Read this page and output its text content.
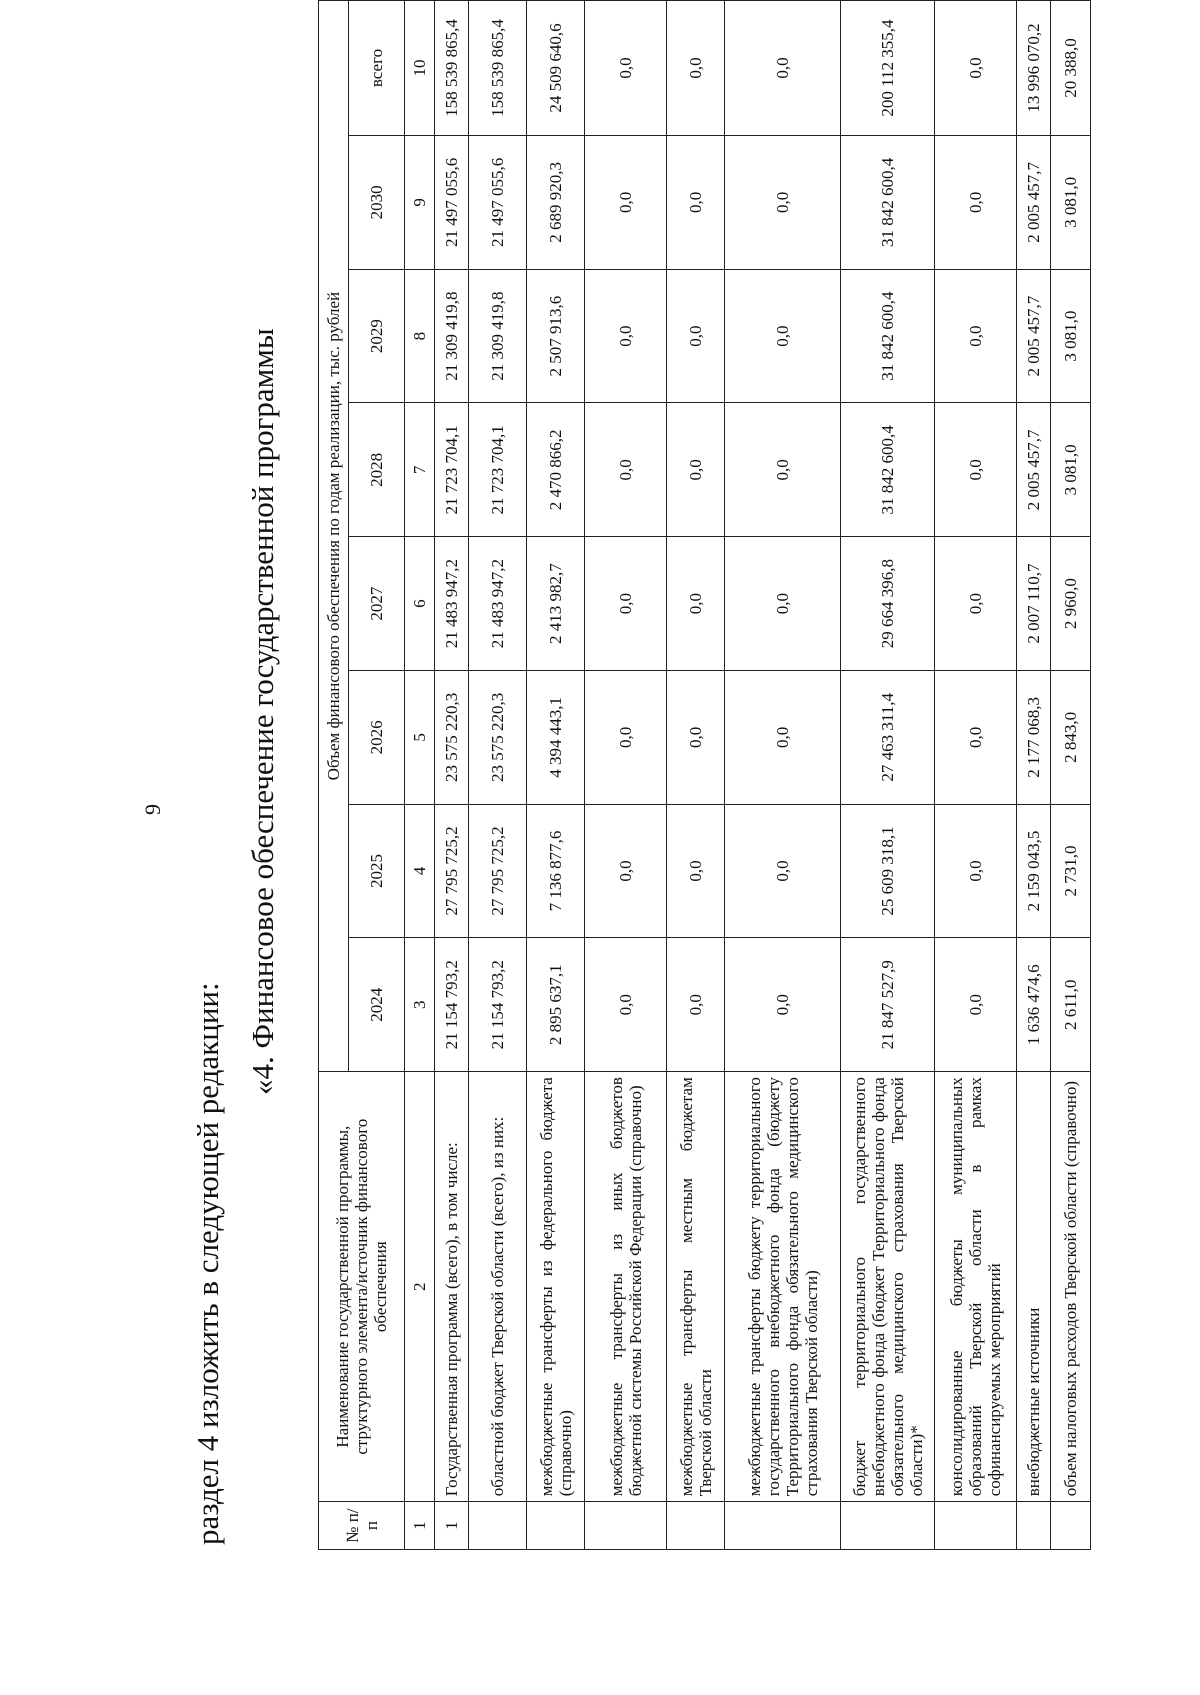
9
раздел 4 изложить в следующей редакции:
«4. Финансовое обеспечение государственной программы
№ п/п	Наименование государственной программы, структурного элемента/источник финансового обеспечения	Объем финансового обеспечения по годам реализации, тыс. рублей							
		2024	2025	2026	2027	2028	2029	2030	всего
1	2	3	4	5	6	7	8	9	10
1	Государственная программа (всего), в том числе:	21 154 793,2	27 795 725,2	23 575 220,3	21 483 947,2	21 723 704,1	21 309 419,8	21 497 055,6	158 539 865,4
	областной бюджет Тверской области (всего), из них:	21 154 793,2	27 795 725,2	23 575 220,3	21 483 947,2	21 723 704,1	21 309 419,8	21 497 055,6	158 539 865,4
	межбюджетные трансферты из федерального бюджета (справочно)	2 895 637,1	7 136 877,6	4 394 443,1	2 413 982,7	2 470 866,2	2 507 913,6	2 689 920,3	24 509 640,6
	межбюджетные трансферты из иных бюджетов бюджетной системы Российской Федерации (справочно)	0,0	0,0	0,0	0,0	0,0	0,0	0,0	0,0
	межбюджетные трансферты местным бюджетам Тверской области	0,0	0,0	0,0	0,0	0,0	0,0	0,0	0,0
	межбюджетные трансферты бюджету территориального государственного внебюджетного фонда (бюджету Территориального фонда обязательного медицинского страхования Тверской области)	0,0	0,0	0,0	0,0	0,0	0,0	0,0	0,0
	бюджет территориального государственного внебюджетного фонда (бюджет Территориального фонда обязательного медицинского страхования Тверской области)*	21 847 527,9	25 609 318,1	27 463 311,4	29 664 396,8	31 842 600,4	31 842 600,4	31 842 600,4	200 112 355,4
	консолидированные бюджеты муниципальных образований Тверской области в рамках софинансируемых мероприятий	0,0	0,0	0,0	0,0	0,0	0,0	0,0	0,0
	внебюджетные источники	1 636 474,6	2 159 043,5	2 177 068,3	2 007 110,7	2 005 457,7	2 005 457,7	2 005 457,7	13 996 070,2
	объем налоговых расходов Тверской области (справочно)	2 611,0	2 731,0	2 843,0	2 960,0	3 081,0	3 081,0	3 081,0	20 388,0
